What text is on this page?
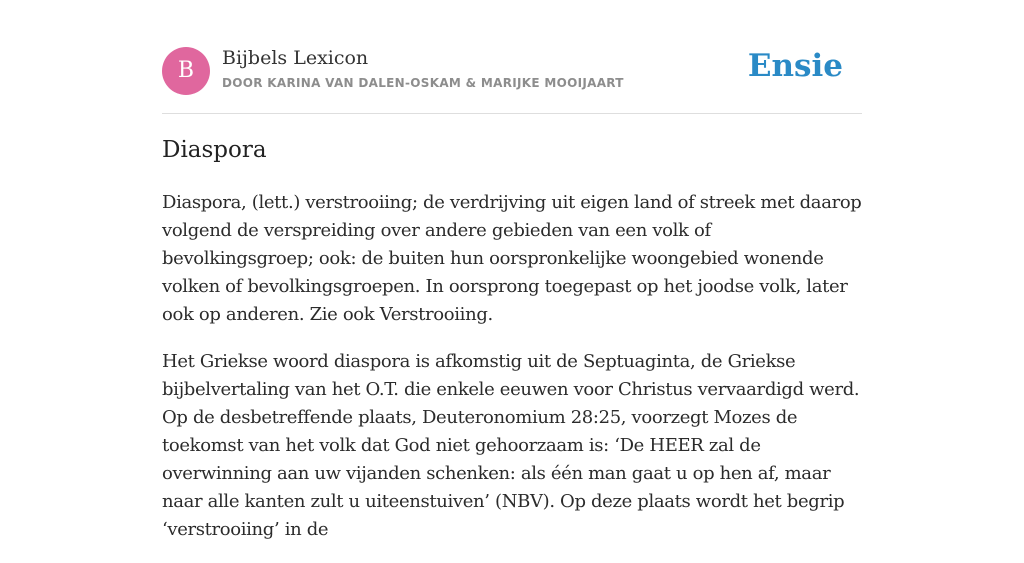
B	Bijbels Lexicon
DOOR KARINA VAN DALEN-OSKAM & MARIJKE MOOIJAART	Ensie
Diaspora

Diaspora, (lett.) verstrooiing; de verdrijving uit eigen land of streek met daarop volgend de verspreiding over andere gebieden van een volk of bevolkingsgroep; ook: de buiten hun oorspronkelijke woongebied wonende volken of bevolkingsgroepen. In oorsprong toegepast op het joodse volk, later ook op anderen. Zie ook Verstrooiing.

Het Griekse woord diaspora is afkomstig uit de Septuaginta, de Griekse bijbelvertaling van het O.T. die enkele eeuwen voor Christus vervaardigd werd. Op de desbetreffende plaats, Deuteronomium 28:25, voorzegt Mozes de toekomst van het volk dat God niet gehoorzaam is: ‘De HEER zal de overwinning aan uw vijanden schenken: als één man gaat u op hen af, maar naar alle kanten zult u uiteenstuiven’ (NBV). Op deze plaats wordt het begrip ‘verstrooiing’ in de
